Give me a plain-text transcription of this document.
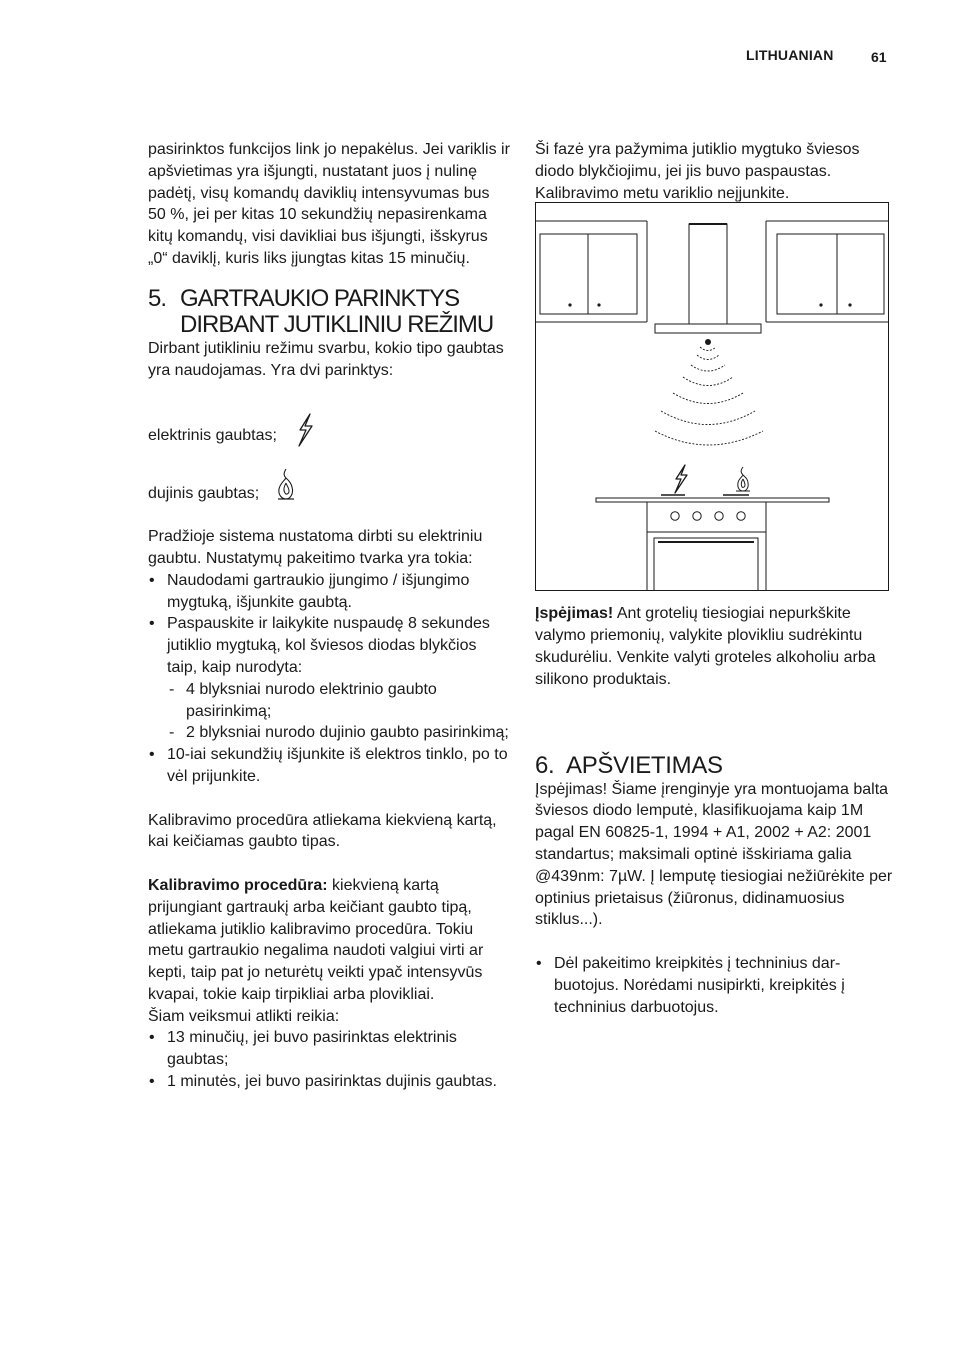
LITHUANIAN	61

pasirinktos funkcijos link jo nepakėlus. Jei variklis ir apšvietimas yra išjungti, nustatant juos į nulinę padėtį, visų komandų daviklių intensyvumas bus 50 %, jei per kitas 10 sekundžių nepasirenkama kitų komandų, visi davikliai bus išjungti, išskyrus „0“ daviklį, kuris liks įjungtas kitas 15 minučių.

5. GARTRAUKIO PARINKTYS DIRBANT JUTIKLINIU REŽIMU

Dirbant jutikliniu režimu svarbu, kokio tipo gaubtas yra naudojamas. Yra dvi parinktys:

elektrinis gaubtas;
dujinis gaubtas;

Pradžioje sistema nustatoma dirbti su elektriniu gaubtu. Nustatymų pakeitimo tvarka yra tokia:

• Naudodami gartraukio įjungimo / išjungimo mygtuką, išjunkite gaubtą.
• Paspauskite ir laikykite nuspaudę 8 sekundes jutiklio mygtuką, kol šviesos diodas blykčios taip, kaip nurodyta:
- 4 blyksniai nurodo elektrinio gaubto pasirinkimą;
- 2 blyksniai nurodo dujinio gaubto pasirinkimą;
• 10-iai sekundžių išjunkite iš elektros tinklo, po to vėl prijunkite.

Kalibravimo procedūra atliekama kiekvieną kartą, kai keičiamas gaubto tipas.

Kalibravimo procedūra: kiekvieną kartą prijungiant gartraukį arba keičiant gaubto tipą, atliekama jutiklio kalibravimo procedūra. Tokiu metu gartraukio negalima naudoti valgiui virti ar kepti, taip pat jo neturėtų veikti ypač intensyvūs kvapai, tokie kaip tirpikliai arba plovikliai.

Šiam veiksmui atlikti reikia:

• 13 minučių, jei buvo pasirinktas elektrinis gaubtas;
• 1 minutės, jei buvo pasirinktas dujinis gaubtas.

Ši fazė yra pažymima jutiklio mygtuko šviesos diodo blykčiojimu, jei jis buvo paspaustas. Kalibravimo metu variklio neįjunkite.

Įspėjimas! Ant grotelių tiesiogiai nepurkškite valymo priemonių, valykite plovikliu sudrėkintu skudurėliu. Venkite valyti groteles alkoholiu arba silikono produktais.

6. APŠVIETIMAS

Įspėjimas! Šiame įrenginyje yra montuojama balta šviesos diodo lemputė, klasifikuojama kaip 1M pagal EN 60825-1, 1994 + A1, 2002 + A2: 2001 standartus; maksimali optinė išskiriama galia @439nm: 7µW. Į lemputę tiesiogiai nežiūrėkite per optinius prietaisus (žiūronus, didinamuosius stiklus...).

• Dėl pakeitimo kreipkitės į techninius darbuotojus. Norėdami nusipirkti, kreipkitės į techninius darbuotojus.
